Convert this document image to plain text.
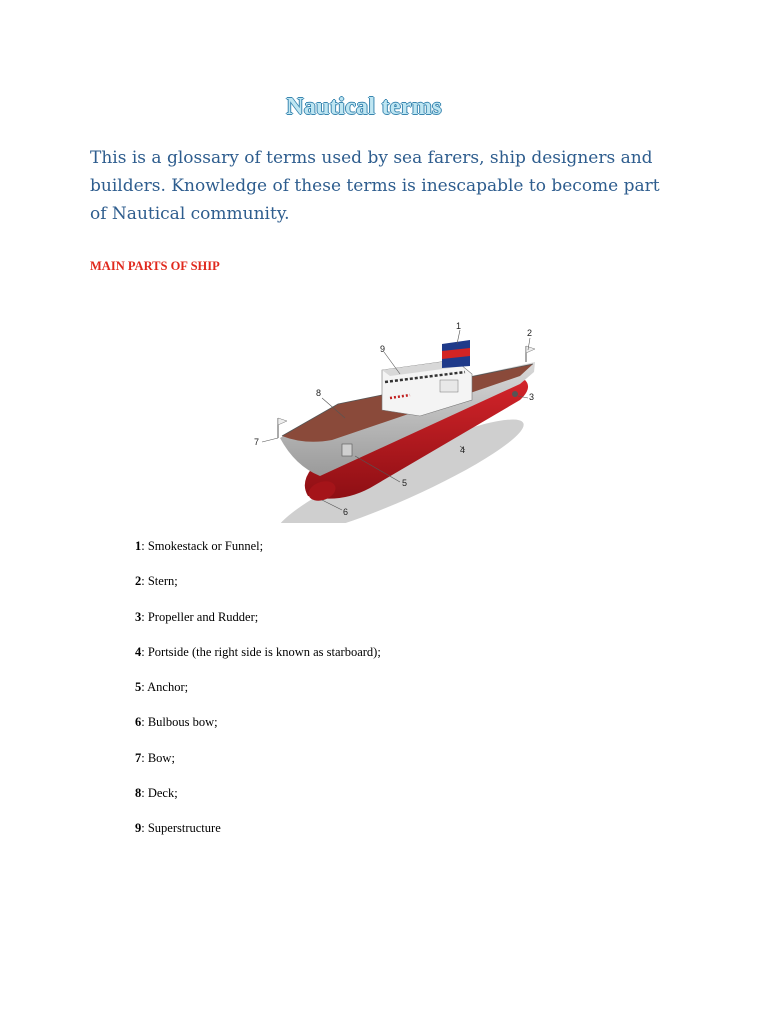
Nautical terms
This is a glossary of terms used by sea farers, ship designers and builders. Knowledge of these terms is inescapable to become part of Nautical community.
MAIN PARTS OF SHIP
1
2
3
4
5
6
7
8
9
1: Smokestack or Funnel;
2: Stern;
3: Propeller and Rudder;
4: Portside (the right side is known as starboard);
5: Anchor;
6: Bulbous bow;
7: Bow;
8: Deck;
9: Superstructure
